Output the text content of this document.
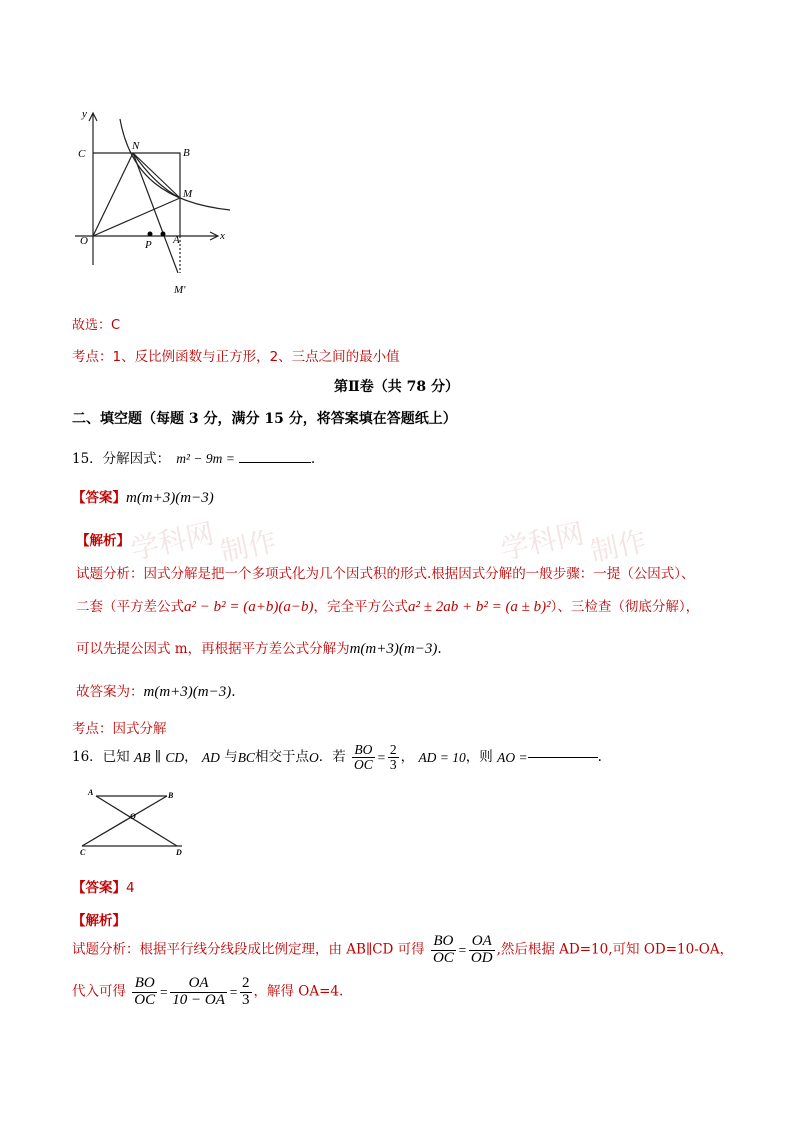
y
x
C
N
B
M
O	P A
M'
故选：C
考点：1、反比例函数与正方形，2、三点之间的最小值
第Ⅱ卷（共 78 分）
二、填空题（每题 3 分，满分 15 分，将答案填在答题纸上）
15．分解因式： m² − 9m =	.
【答案】m(m+3)(m−3)
【解析】
试题分析：因式分解是把一个多项式化为几个因式积的形式.根据因式分解的一般步骤：一提（公因式）、
二套（平方差公式a² − b² = (a+b)(a−b)，完全平方公式a² ± 2ab + b² = (a ± b)²）、三检查（彻底分解），
可以先提公因式 m，再根据平方差公式分解为m(m+3)(m−3).
故答案为：m(m+3)(m−3).
考点：因式分解
16．已知 AB ∥ CD， AD 与BC相交于点O．若 $\frac{BO}{OC} = \frac{2}{3}$ ， AD = 10，则 AO =	.
A	B
O
C	D
【答案】4
【解析】
试题分析：根据平行线分线段成比例定理，由 AB∥CD 可得 $\frac{BO}{OC} = \frac{OA}{OD}$ ,然后根据 AD=10,可知 OD=10-OA，
代入可得 $\frac{BO}{OC} = \frac{OA}{10 - OA} = \frac{2}{3}$ ，解得 OA=4.
学科网 制作	学科网 制作
